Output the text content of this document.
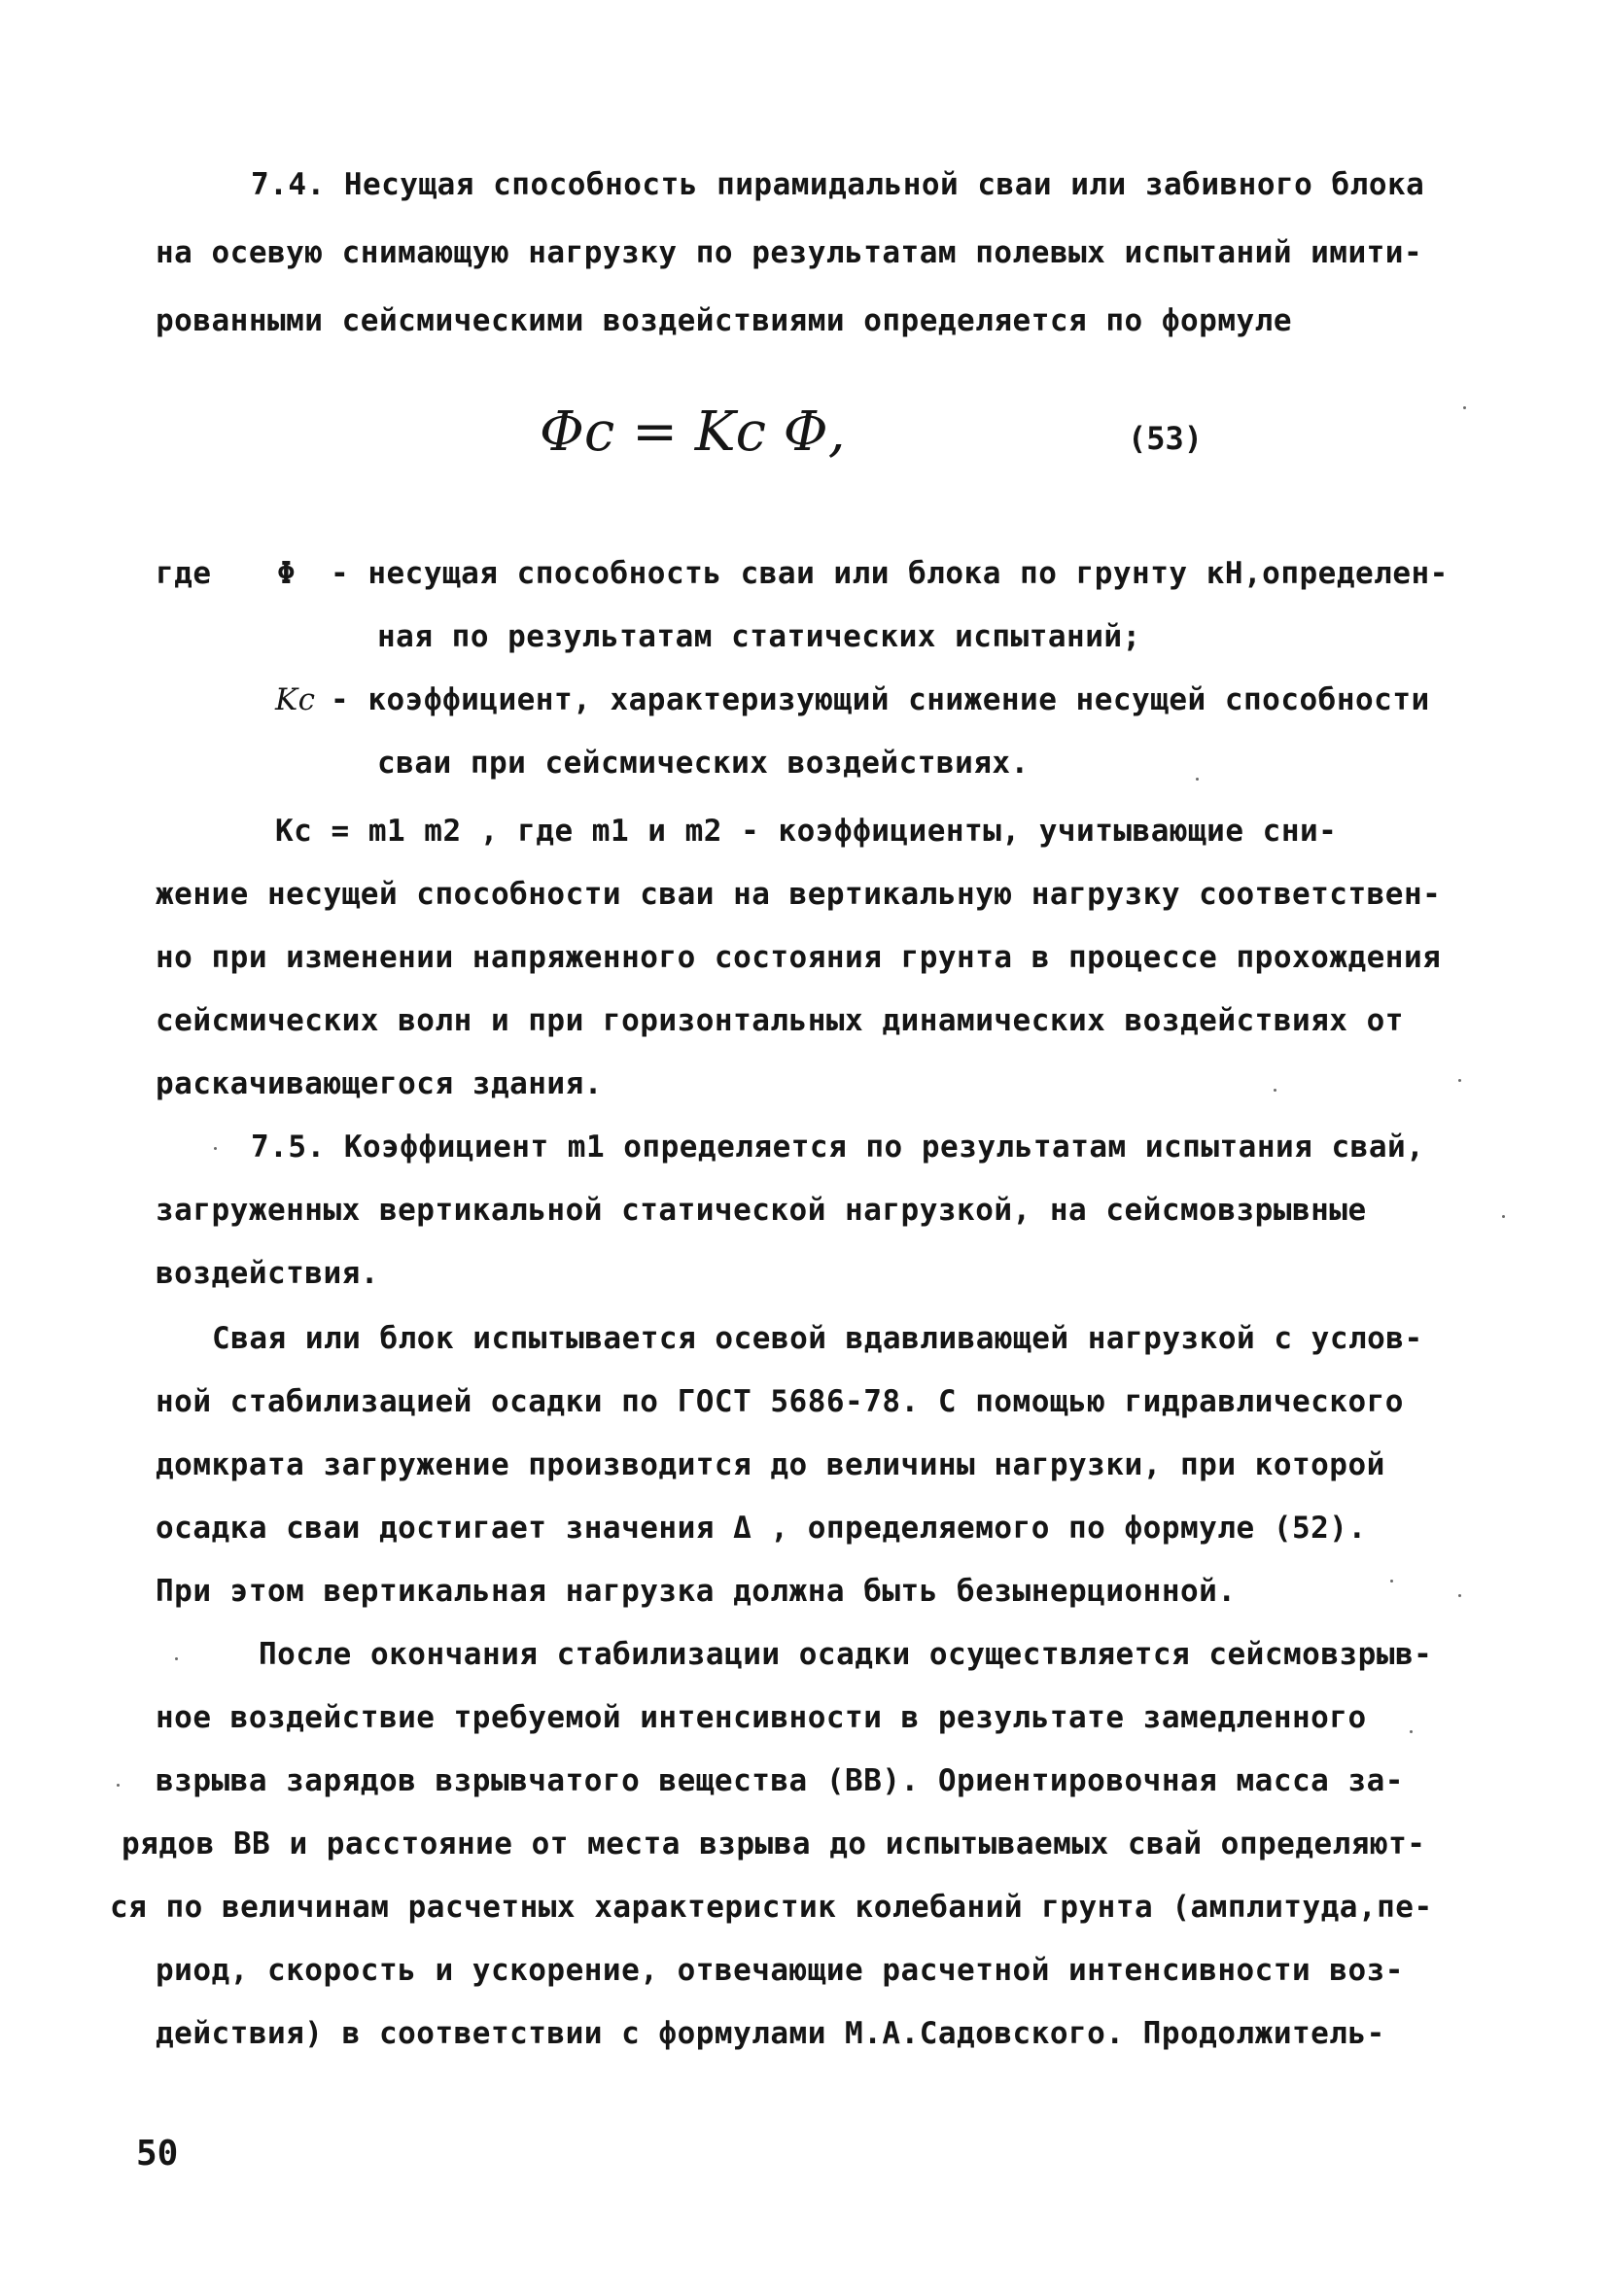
7.4. Несущая способность пирамидальной сваи или забивного блока
на осевую снимающую нагрузку по результатам полевых испытаний имити-
рованными сейсмическими воздействиями определяется по формуле
Φc = Kc Φ,	(53)
где Φ - несущая способность сваи или блока по грунту кН,определен-
ная по результатам статических испытаний;
Kc - коэффициент, характеризующий снижение несущей способности
сваи при сейсмических воздействиях.
Kc = m1 m2 , где m1 и m2 - коэффициенты, учитывающие сни-
жение несущей способности сваи на вертикальную нагрузку соответствен-
но при изменении напряженного состояния грунта в процессе прохождения
сейсмических волн и при горизонтальных динамических воздействиях от
раскачивающегося здания.
7.5. Коэффициент m1 определяется по результатам испытания свай,
загруженных вертикальной статической нагрузкой, на сейсмовзрывные
воздействия.
Свая или блок испытывается осевой вдавливающей нагрузкой с услов-
ной стабилизацией осадки по ГОСТ 5686-78. С помощью гидравлического
домкрата загружение производится до величины нагрузки, при которой
осадка сваи достигает значения Δ , определяемого по формуле (52).
При этом вертикальная нагрузка должна быть безынерционной.
После окончания стабилизации осадки осуществляется сейсмовзрыв-
ное воздействие требуемой интенсивности в результате замедленного
взрыва зарядов взрывчатого вещества (ВВ). Ориентировочная масса за-
рядов ВВ и расстояние от места взрыва до испытываемых свай определяют-
ся по величинам расчетных характеристик колебаний грунта (амплитуда,пе-
риод, скорость и ускорение, отвечающие расчетной интенсивности воз-
действия) в соответствии с формулами М.А.Садовского. Продолжитель-
50
